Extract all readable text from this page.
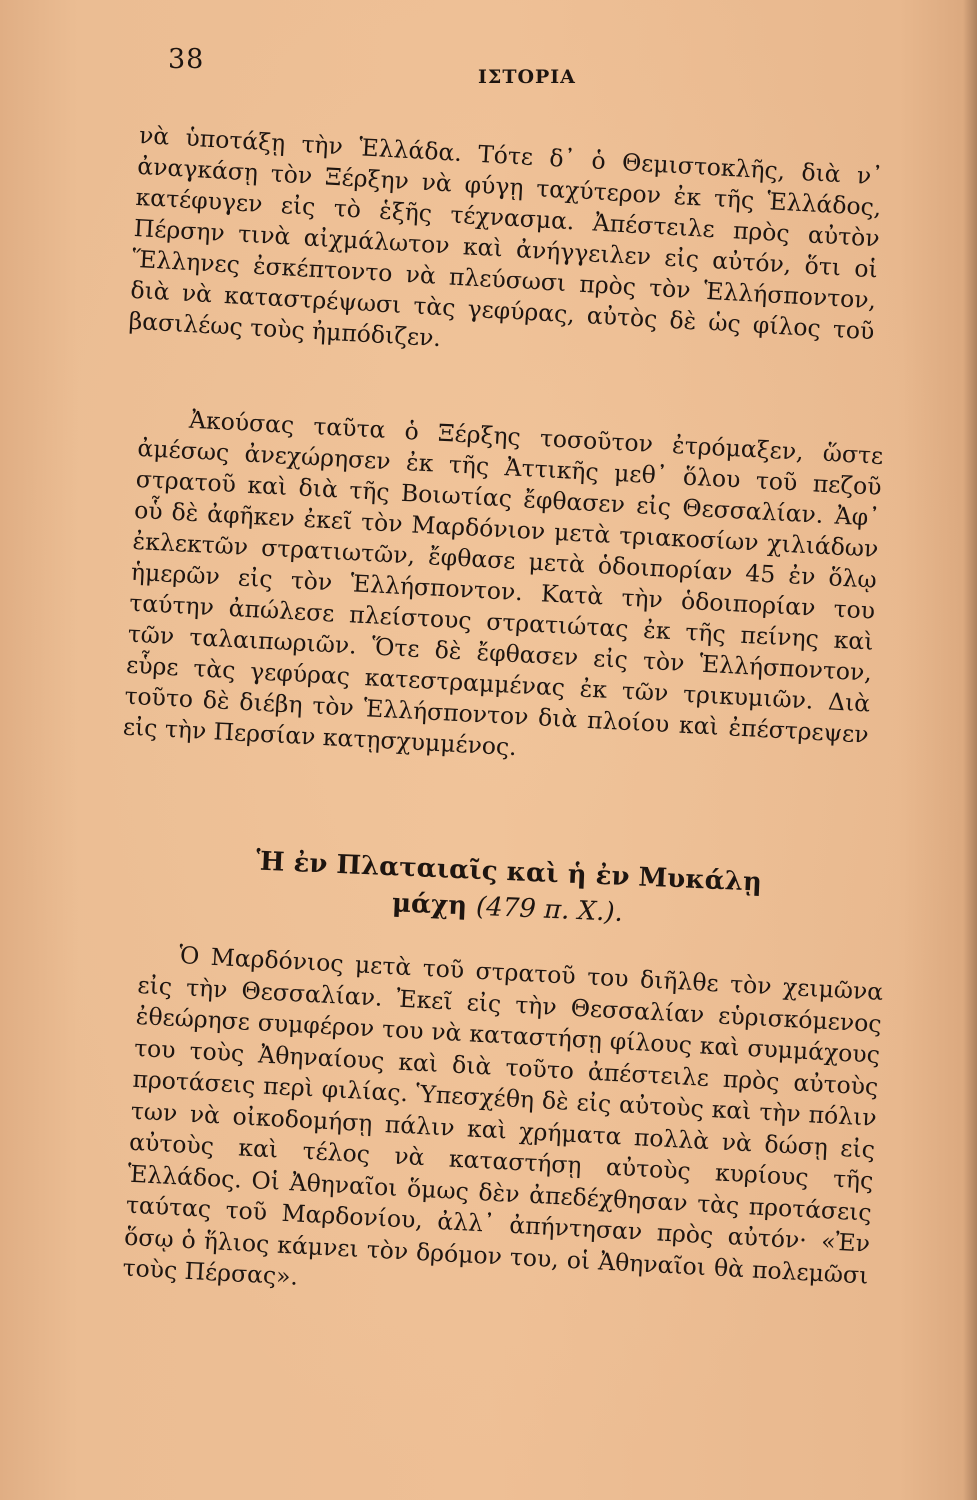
38
ΙΣΤΟΡΙΑ
νὰ ὑποτάξῃ τὴν Ἑλλάδα. Τότε δ᾽ ὁ Θεμιστοκλῆς, διὰ ν᾽ ἀναγκάσῃ τὸν Ξέρξην νὰ φύγῃ ταχύτερον ἐκ τῆς Ἑλλάδος, κατέφυγεν εἰς τὸ ἑξῆς τέχνασμα. Ἀπέστειλε πρὸς αὐτὸν Πέρσην τινὰ αἰχμάλωτον καὶ ἀνήγγειλεν εἰς αὐτόν, ὅτι οἱ Ἕλληνες ἐσκέπτοντο νὰ πλεύσωσι πρὸς τὸν Ἑλλήσποντον, διὰ νὰ καταστρέψωσι τὰς γεφύρας, αὐτὸς δὲ ὡς φίλος τοῦ βασιλέως τοὺς ἠμπόδιζεν.
Ἀκούσας ταῦτα ὁ Ξέρξης τοσοῦτον ἐτρόμαξεν, ὥστε ἀμέσως ἀνεχώρησεν ἐκ τῆς Ἀττικῆς μεθ᾽ ὅλου τοῦ πεζοῦ στρατοῦ καὶ διὰ τῆς Βοιωτίας ἔφθασεν εἰς Θεσσαλίαν. Ἀφ᾽ οὗ δὲ ἀφῆκεν ἐκεῖ τὸν Μαρδόνιον μετὰ τριακοσίων χιλιάδων ἐκλεκτῶν στρατιωτῶν, ἔφθασε μετὰ ὁδοιπορίαν 45 ἐν ὅλῳ ἡμερῶν εἰς τὸν Ἑλλήσποντον. Κατὰ τὴν ὁδοιπορίαν του ταύτην ἀπώλεσε πλείστους στρατιώτας ἐκ τῆς πείνης καὶ τῶν ταλαιπωριῶν. Ὅτε δὲ ἔφθασεν εἰς τὸν Ἑλλήσποντον, εὗρε τὰς γεφύρας κατεστραμμένας ἐκ τῶν τρικυμιῶν. Διὰ τοῦτο δὲ διέβη τὸν Ἑλλήσποντον διὰ πλοίου καὶ ἐπέστρεψεν εἰς τὴν Περσίαν κατῃσχυμμένος.
Ἡ ἐν Πλαταιαῖς καὶ ἡ ἐν Μυκάλῃ μάχη (479 π. Χ.).
Ὁ Μαρδόνιος μετὰ τοῦ στρατοῦ του διῆλθε τὸν χειμῶνα εἰς τὴν Θεσσαλίαν. Ἐκεῖ εἰς τὴν Θεσσαλίαν εὑρισκόμενος ἐθεώρησε συμφέρον του νὰ καταστήσῃ φίλους καὶ συμμάχους του τοὺς Ἀθηναίους καὶ διὰ τοῦτο ἀπέστειλε πρὸς αὐτοὺς προτάσεις περὶ φιλίας. Ὑπεσχέθη δὲ εἰς αὐτοὺς καὶ τὴν πόλιν των νὰ οἰκοδομήσῃ πάλιν καὶ χρήματα πολλὰ νὰ δώσῃ εἰς αὐτοὺς καὶ τέλος νὰ καταστήσῃ αὐτοὺς κυρίους τῆς Ἑλλάδος. Οἱ Ἀθηναῖοι ὅμως δὲν ἀπεδέχθησαν τὰς προτάσεις ταύτας τοῦ Μαρδονίου, ἀλλ᾽ ἀπήντησαν πρὸς αὐτόν· «Ἐν ὅσῳ ὁ ἥλιος κάμνει τὸν δρόμον του, οἱ Ἀθηναῖοι θὰ πολεμῶσι τοὺς Πέρσας».
